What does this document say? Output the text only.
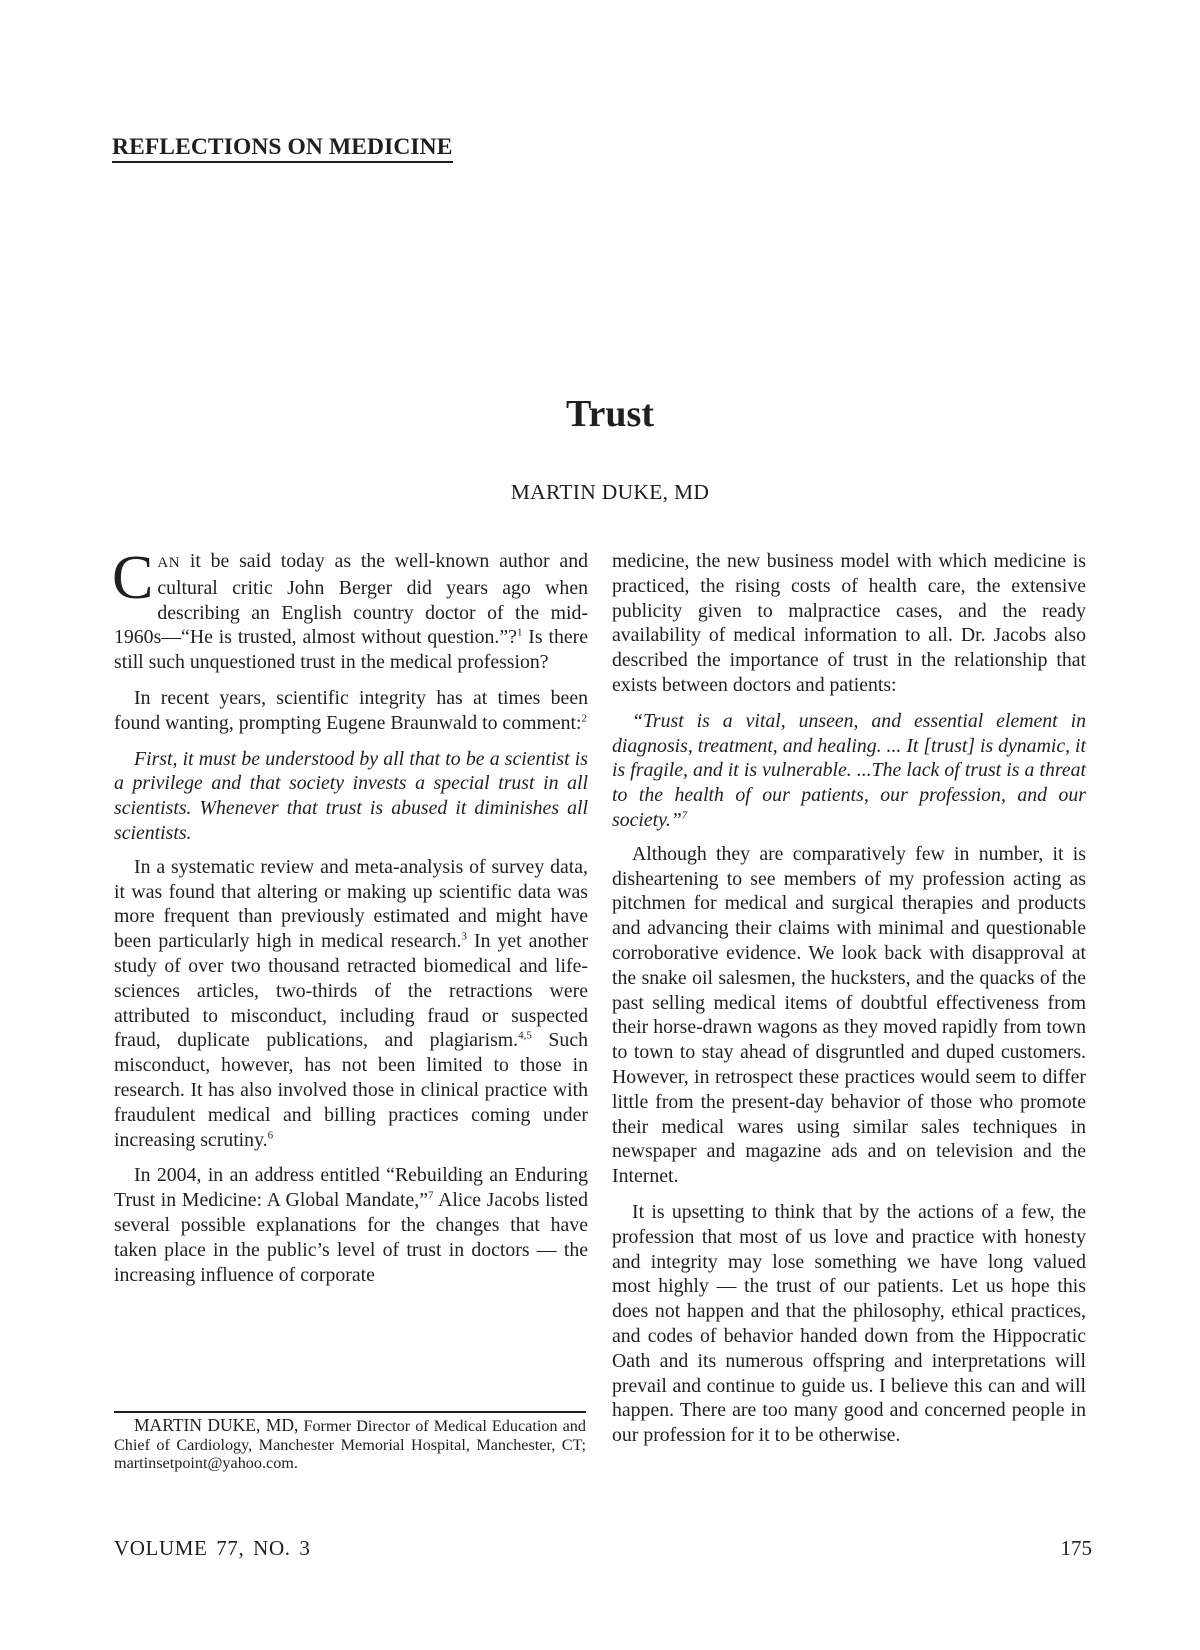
REFLECTIONS ON MEDICINE
Trust
MARTIN DUKE, MD

CAN it be said today as the well-known author and cultural critic John Berger did years ago when describing an English country doctor of the mid-1960s—“He is trusted, almost without question.”?$^1$ Is there still such unquestioned trust in the medical profession?

In recent years, scientific integrity has at times been found wanting, prompting Eugene Braunwald to comment:$^2$

First, it must be understood by all that to be a scientist is a privilege and that society invests a special trust in all scientists. Whenever that trust is abused it diminishes all scientists.

In a systematic review and meta-analysis of survey data, it was found that altering or making up scientific data was more frequent than previously estimated and might have been particularly high in medical research.$^3$ In yet another study of over two thousand retracted biomedical and life-sciences articles, two-thirds of the retractions were attributed to misconduct, including fraud or suspected fraud, duplicate publications, and plagiarism.$^{4,5}$ Such misconduct, however, has not been limited to those in research. It has also involved those in clinical practice with fraudulent medical and billing practices coming under increasing scrutiny.$^6$

In 2004, in an address entitled “Rebuilding an Enduring Trust in Medicine: A Global Mandate,”$^7$ Alice Jacobs listed several possible explanations for the changes that have taken place in the public’s level of trust in doctors — the increasing influence of corporate

medicine, the new business model with which medicine is practiced, the rising costs of health care, the extensive publicity given to malpractice cases, and the ready availability of medical information to all. Dr. Jacobs also described the importance of trust in the relationship that exists between doctors and patients:

“Trust is a vital, unseen, and essential element in diagnosis, treatment, and healing. ... It [trust] is dynamic, it is fragile, and it is vulnerable. ...The lack of trust is a threat to the health of our patients, our profession, and our society.”$^7$

Although they are comparatively few in number, it is disheartening to see members of my profession acting as pitchmen for medical and surgical therapies and products and advancing their claims with minimal and questionable corroborative evidence. We look back with disapproval at the snake oil salesmen, the hucksters, and the quacks of the past selling medical items of doubtful effectiveness from their horse-drawn wagons as they moved rapidly from town to town to stay ahead of disgruntled and duped customers. However, in retrospect these practices would seem to differ little from the present-day behavior of those who promote their medical wares using similar sales techniques in newspaper and magazine ads and on television and the Internet.

It is upsetting to think that by the actions of a few, the profession that most of us love and practice with honesty and integrity may lose something we have long valued most highly — the trust of our patients. Let us hope this does not happen and that the philosophy, ethical practices, and codes of behavior handed down from the Hippocratic Oath and its numerous offspring and interpretations will prevail and continue to guide us. I believe this can and will happen. There are too many good and concerned people in our profession for it to be otherwise.

MARTIN DUKE, MD, Former Director of Medical Education and Chief of Cardiology, Manchester Memorial Hospital, Manchester, CT; martinsetpoint@yahoo.com.
VOLUME 77, NO. 3	175
